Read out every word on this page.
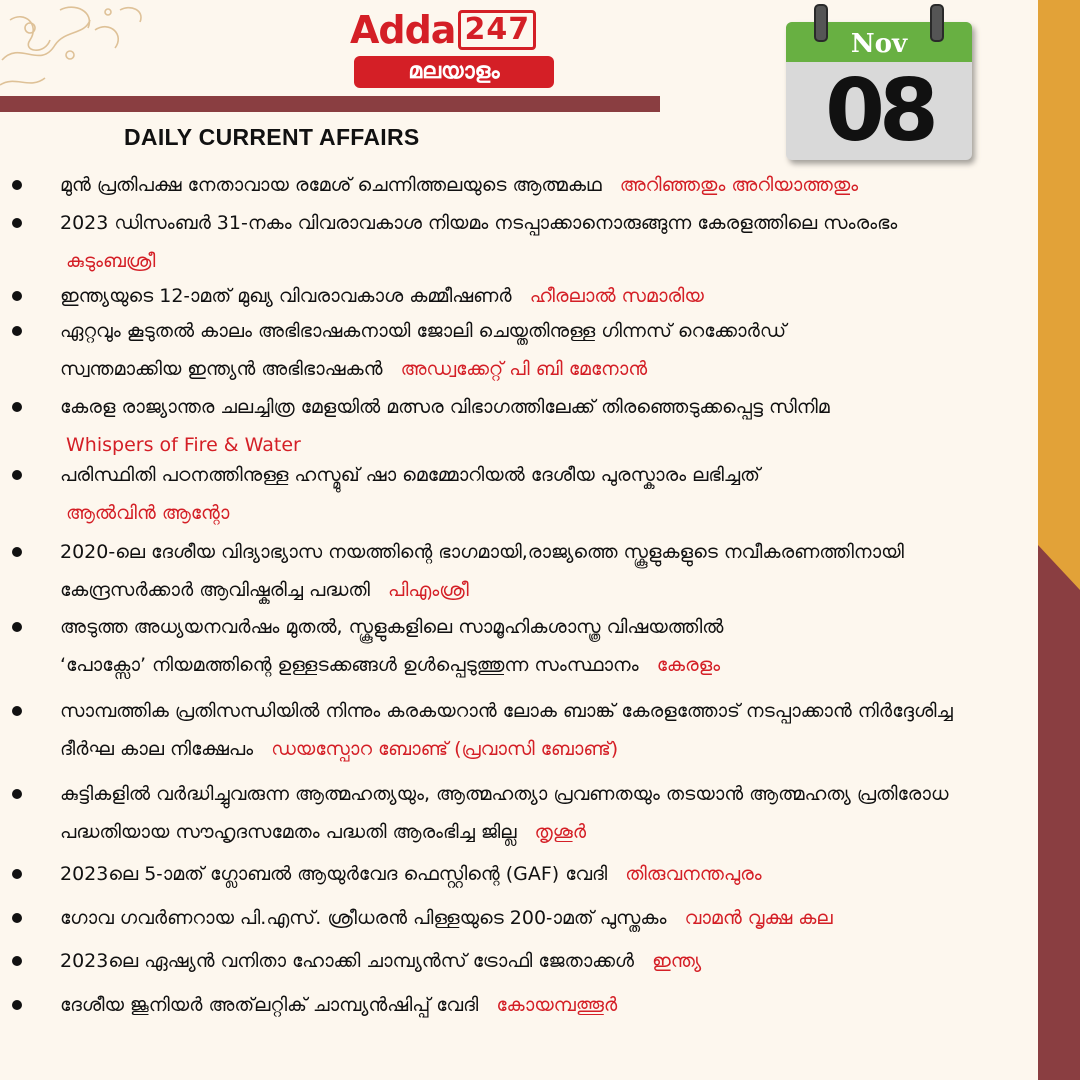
Adda 247
മലയാളം
Nov
08
DAILY CURRENT AFFAIRS
മുൻ പ്രതിപക്ഷ നേതാവായ രമേശ് ചെന്നിത്തലയുടെ ആത്മകഥ അറിഞ്ഞതും അറിയാത്തതും
2023 ഡിസംബർ 31-നകം വിവരാവകാശ നിയമം നടപ്പാക്കാനൊരുങ്ങുന്ന കേരളത്തിലെ സംരംഭം
കുടുംബശ്രീ
ഇന്ത്യയുടെ 12-ാമത് മുഖ്യ വിവരാവകാശ കമ്മീഷണർ ഹീരലാൽ സമാരിയ
ഏറ്റവും കൂടുതൽ കാലം അഭിഭാഷകനായി ജോലി ചെയ്തതിനുള്ള ഗിന്നസ് റെക്കോർഡ്
സ്വന്തമാക്കിയ ഇന്ത്യൻ അഭിഭാഷകൻ അഡ്വക്കേറ്റ് പി ബി മേനോൻ
കേരള രാജ്യാന്തര ചലച്ചിത്ര മേളയിൽ മത്സര വിഭാഗത്തിലേക്ക് തിരഞ്ഞെടുക്കപ്പെട്ട സിനിമ
Whispers of Fire & Water
പരിസ്ഥിതി പഠനത്തിനുള്ള ഹസ്മുഖ് ഷാ മെമ്മോറിയൽ ദേശീയ പുരസ്കാരം ലഭിച്ചത്
ആൽവിൻ ആന്റോ
2020-ലെ ദേശീയ വിദ്യാഭ്യാസ നയത്തിന്റെ ഭാഗമായി,രാജ്യത്തെ സ്കൂളുകളുടെ നവീകരണത്തിനായി
കേന്ദ്രസർക്കാർ ആവിഷ്കരിച്ച പദ്ധതി പിഎംശ്രീ
അടുത്ത അധ്യയനവർഷം മുതൽ, സ്കൂളുകളിലെ സാമൂഹികശാസ്ത്ര വിഷയത്തിൽ
‘പോക്സോ’ നിയമത്തിന്റെ ഉള്ളടക്കങ്ങൾ ഉൾപ്പെടുത്തുന്ന സംസ്ഥാനം കേരളം
സാമ്പത്തിക പ്രതിസന്ധിയിൽ നിന്നും കരകയറാൻ ലോക ബാങ്ക് കേരളത്തോട് നടപ്പാക്കാൻ നിർദ്ദേശിച്ച
ദീർഘ കാല നിക്ഷേപം ഡയസ്പോറ ബോണ്ട് (പ്രവാസി ബോണ്ട്)
കുട്ടികളിൽ വർദ്ധിച്ചുവരുന്ന ആത്മഹത്യയും, ആത്മഹത്യാ പ്രവണതയും തടയാൻ ആത്മഹത്യ പ്രതിരോധ
പദ്ധതിയായ സൗഹൃദസമേതം പദ്ധതി ആരംഭിച്ച ജില്ല തൃശൂർ
2023ലെ 5-ാമത് ഗ്ലോബൽ ആയുർവേദ ഫെസ്റ്റിന്റെ (GAF) വേദി തിരുവനന്തപുരം
ഗോവ ഗവർണറായ പി.എസ്. ശ്രീധരൻ പിള്ളയുടെ 200-ാമത് പുസ്തകം വാമൻ വൃക്ഷ കല
2023ലെ ഏഷ്യൻ വനിതാ ഹോക്കി ചാമ്പ്യൻസ് ട്രോഫി ജേതാക്കൾ ഇന്ത്യ
ദേശീയ ജൂനിയർ അത്‌ലറ്റിക് ചാമ്പ്യൻഷിപ്പ് വേദി കോയമ്പത്തൂർ
